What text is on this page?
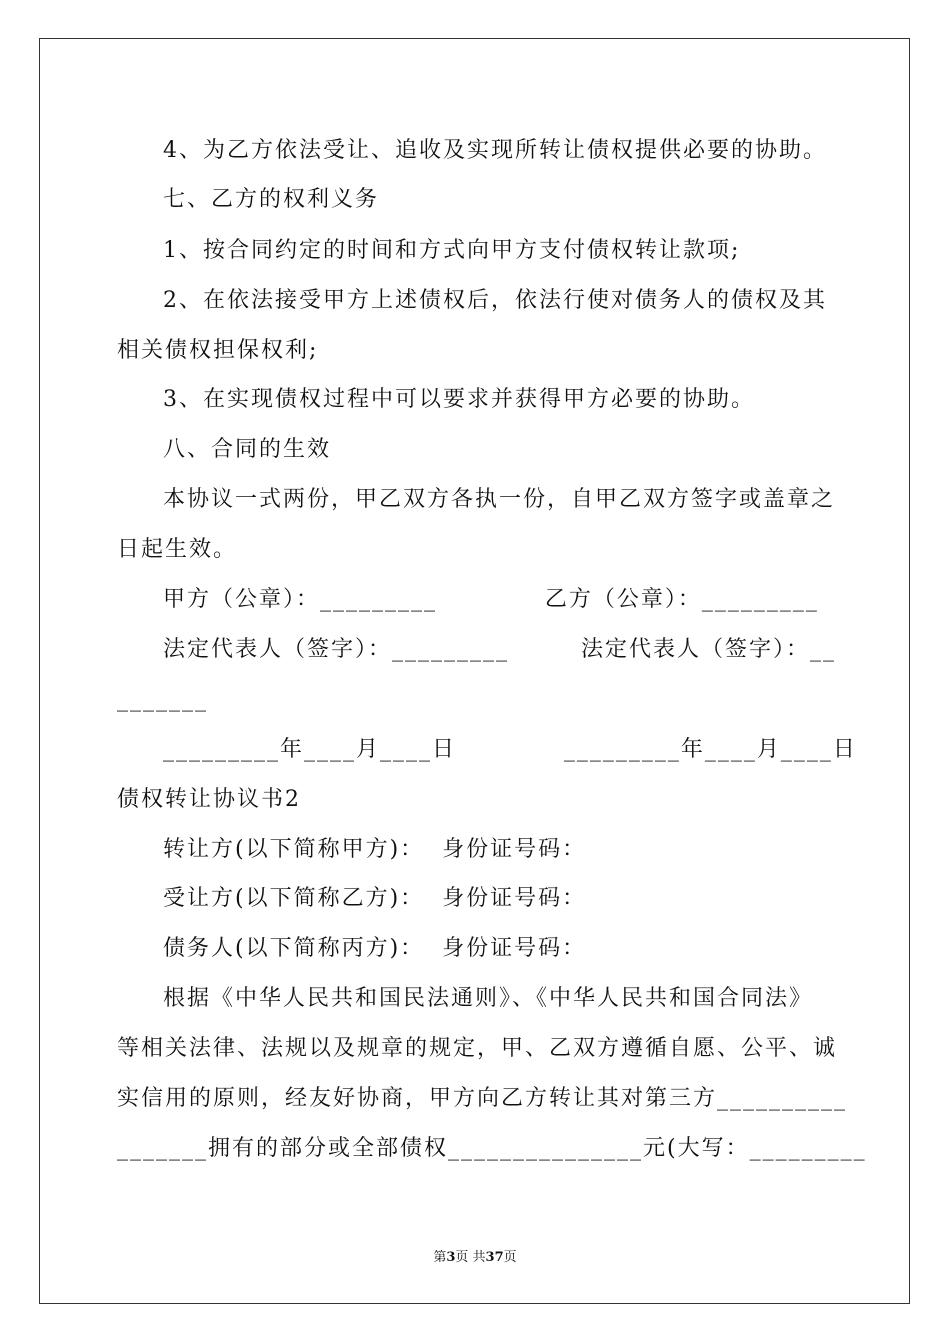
4、为乙方依法受让、追收及实现所转让债权提供必要的协助。
七、乙方的权利义务
1、按合同约定的时间和方式向甲方支付债权转让款项;
2、在依法接受甲方上述债权后，依法行使对债务人的债权及其
相关债权担保权利;
3、在实现债权过程中可以要求并获得甲方必要的协助。
八、合同的生效
本协议一式两份，甲乙双方各执一份，自甲乙双方签字或盖章之
日起生效。
甲方（公章）：_________            乙方（公章）：_________
法定代表人（签字）：_________        法定代表人（签字）：__
_______
_________年____月____日            _________年____月____日
债权转让协议书2
转让方(以下简称甲方)：  身份证号码：
受让方(以下简称乙方)：  身份证号码：
债务人(以下简称丙方)：  身份证号码：
根据《中华人民共和国民法通则》、《中华人民共和国合同法》
等相关法律、法规以及规章的规定，甲、乙双方遵循自愿、公平、诚
实信用的原则，经友好协商，甲方向乙方转让其对第三方__________
_______拥有的部分或全部债权_______________元(大写：_________
第3页 共37页
